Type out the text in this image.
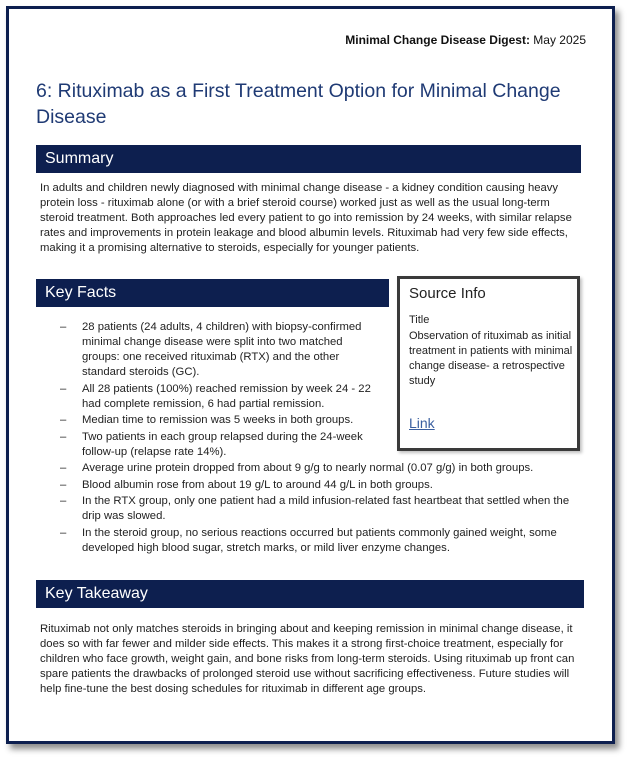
Minimal Change Disease Digest: May 2025
6: Rituximab as a First Treatment Option for Minimal Change Disease
Summary

In adults and children newly diagnosed with minimal change disease - a kidney condition causing heavy protein loss - rituximab alone (or with a brief steroid course) worked just as well as the usual long-term steroid treatment. Both approaches led every patient to go into remission by 24 weeks, with similar relapse rates and improvements in protein leakage and blood albumin levels. Rituximab had very few side effects, making it a promising alternative to steroids, especially for younger patients.

Key Facts	Source Info
Title
Observation of rituximab as initial treatment in patients with minimal change disease- a retrospective study
Link
– 28 patients (24 adults, 4 children) with biopsy-confirmed minimal change disease were split into two matched groups: one received rituximab (RTX) and the other standard steroids (GC).
– All 28 patients (100%) reached remission by week 24 - 22 had complete remission, 6 had partial remission.
– Median time to remission was 5 weeks in both groups.
– Two patients in each group relapsed during the 24-week follow-up (relapse rate 14%).
– Average urine protein dropped from about 9 g/g to nearly normal (0.07 g/g) in both groups.
– Blood albumin rose from about 19 g/L to around 44 g/L in both groups.
– In the RTX group, only one patient had a mild infusion-related fast heartbeat that settled when the drip was slowed.
– In the steroid group, no serious reactions occurred but patients commonly gained weight, some developed high blood sugar, stretch marks, or mild liver enzyme changes.
Key Takeaway

Rituximab not only matches steroids in bringing about and keeping remission in minimal change disease, it does so with far fewer and milder side effects. This makes it a strong first-choice treatment, especially for children who face growth, weight gain, and bone risks from long-term steroids. Using rituximab up front can spare patients the drawbacks of prolonged steroid use without sacrificing effectiveness. Future studies will help fine-tune the best dosing schedules for rituximab in different age groups.
